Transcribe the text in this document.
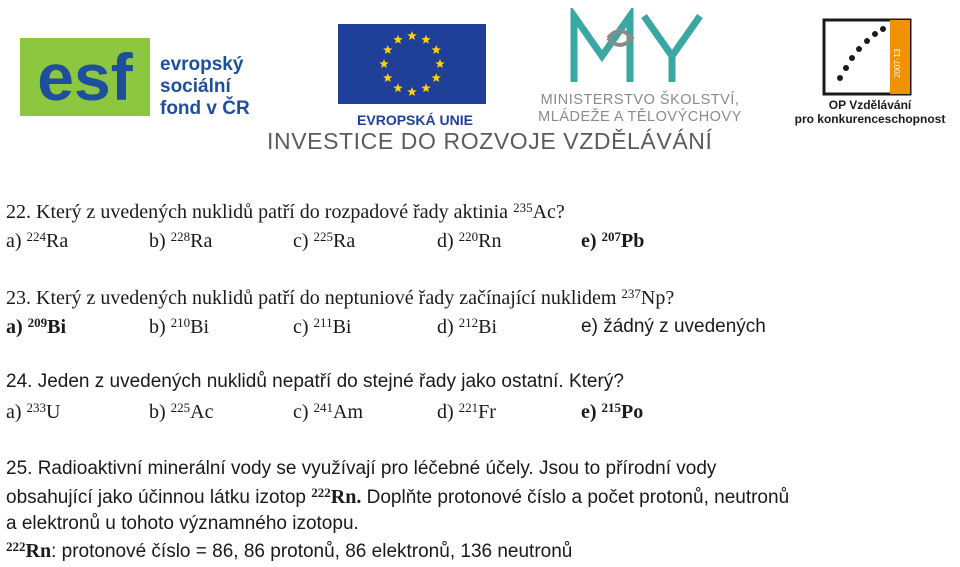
esf evropský
sociální
fond v ČR
EVROPSKÁ UNIE
MINISTERSTVO ŠKOLSTVÍ,
MLÁDEŽE A TĚLOVÝCHOVY
2007-13
OP Vzdělávání
pro konkurenceschopnost
INVESTICE DO ROZVOJE VZDĚLÁVÁNÍ
22. Který z uvedených nuklidů patří do rozpadové řady aktinia $^{235}$Ac?
a) $^{224}$Ra	b) $^{228}$Ra	c) $^{225}$Ra	d) $^{220}$Rn	e) $^{207}$Pb
23. Který z uvedených nuklidů patří do neptuniové řady začínající nuklidem $^{237}$Np?
a) $^{209}$Bi	b) $^{210}$Bi	c) $^{211}$Bi	d) $^{212}$Bi	e) žádný z uvedených
24. Jeden z uvedených nuklidů nepatří do stejné řady jako ostatní. Který?
a) $^{233}$U	b) $^{225}$Ac	c) $^{241}$Am	d) $^{221}$Fr	e) $^{215}$Po
25. Radioaktivní minerální vody se využívají pro léčebné účely. Jsou to přírodní vody
obsahující jako účinnou látku izotop $^{222}$Rn. Doplňte protonové číslo a počet protonů, neutronů
a elektronů u tohoto významného izotopu.
$^{222}$Rn: protonové číslo = 86, 86 protonů, 86 elektronů, 136 neutronů
